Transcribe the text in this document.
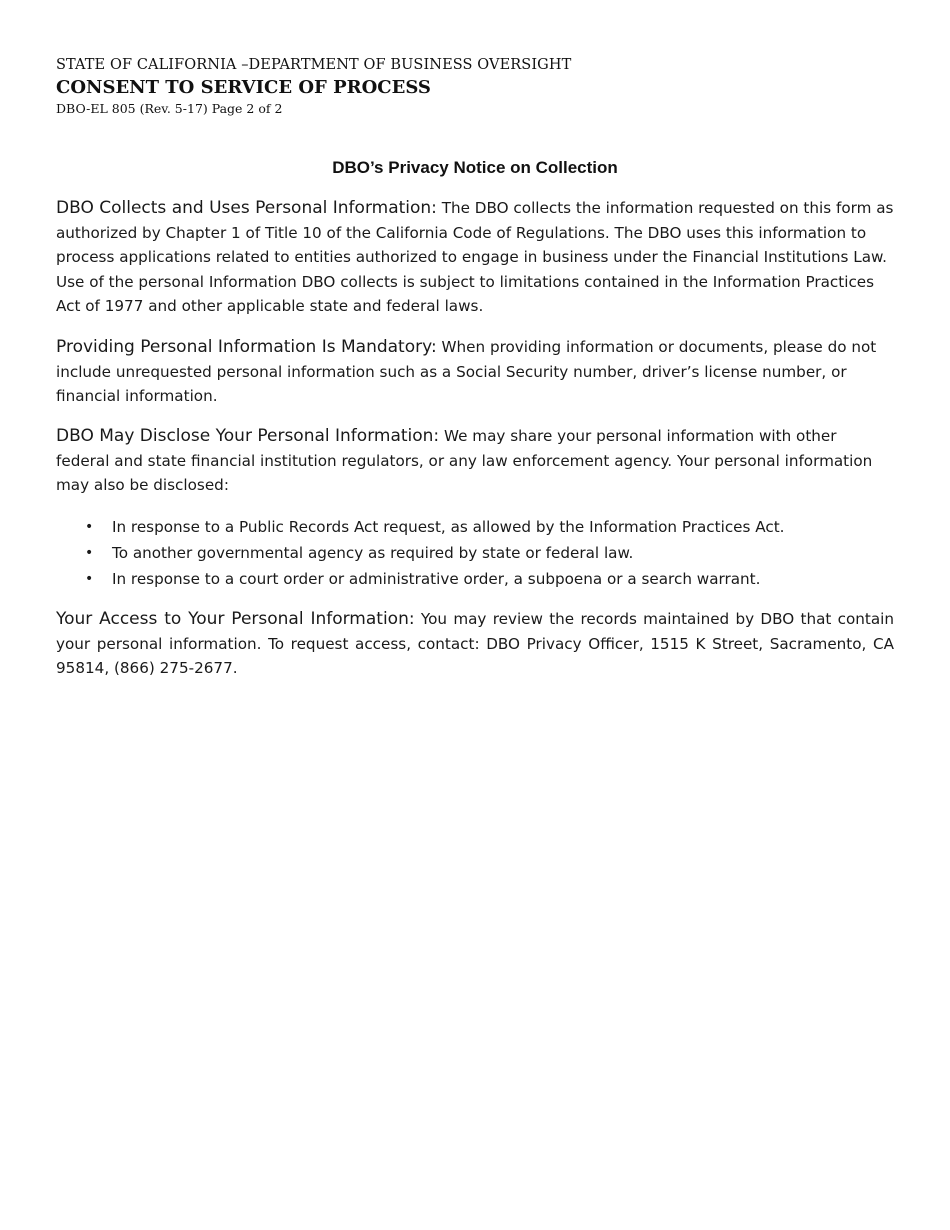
STATE OF CALIFORNIA –DEPARTMENT OF BUSINESS OVERSIGHT
CONSENT TO SERVICE OF PROCESS
DBO-EL 805 (Rev. 5-17) Page 2 of 2
DBO’s Privacy Notice on Collection
DBO Collects and Uses Personal Information: The DBO collects the information requested on this form as authorized by Chapter 1 of Title 10 of the California Code of Regulations. The DBO uses this information to process applications related to entities authorized to engage in business under the Financial Institutions Law. Use of the personal Information DBO collects is subject to limitations contained in the Information Practices Act of 1977 and other applicable state and federal laws.
Providing Personal Information Is Mandatory: When providing information or documents, please do not include unrequested personal information such as a Social Security number, driver’s license number, or financial information.
DBO May Disclose Your Personal Information: We may share your personal information with other federal and state financial institution regulators, or any law enforcement agency. Your personal information may also be disclosed:
• In response to a Public Records Act request, as allowed by the Information Practices Act.
• To another governmental agency as required by state or federal law.
• In response to a court order or administrative order, a subpoena or a search warrant.
Your Access to Your Personal Information: You may review the records maintained by DBO that contain your personal information. To request access, contact: DBO Privacy Officer, 1515 K Street, Sacramento, CA 95814, (866) 275-2677.
